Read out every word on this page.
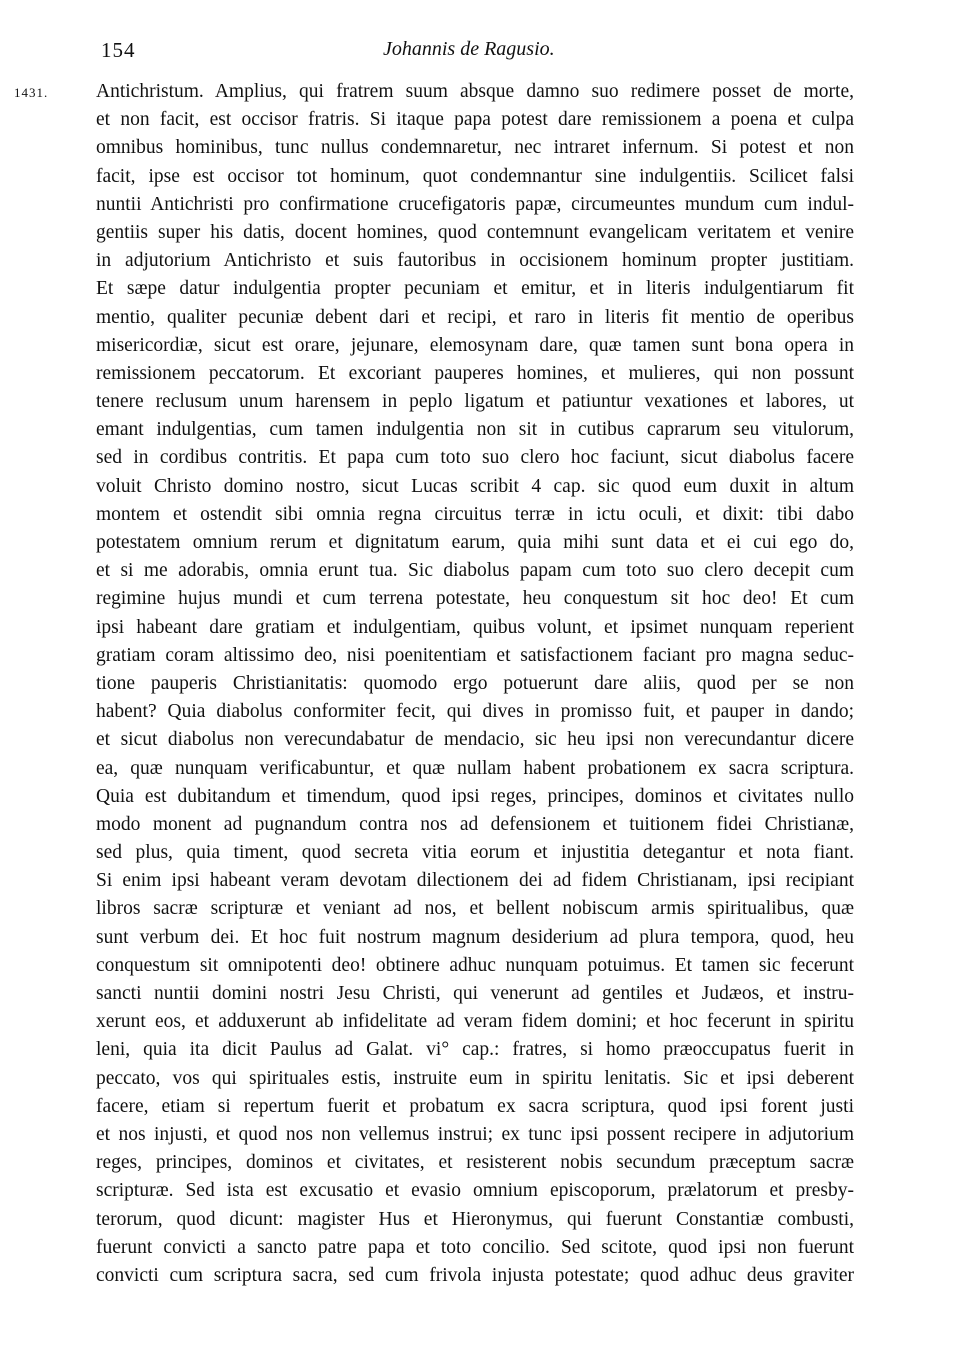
154	Johannis de Ragusio.
1431. Antichristum. Amplius, qui fratrem suum absque damno suo redimere posset de morte,
et non facit, est occisor fratris. Si itaque papa potest dare remissionem a poena et culpa
omnibus hominibus, tunc nullus condemnaretur, nec intraret infernum. Si potest et non
facit, ipse est occisor tot hominum, quot condemnantur sine indulgentiis. Scilicet falsi
nuntii Antichristi pro confirmatione crucefigatoris papæ, circumeuntes mundum cum indul-
gentiis super his datis, docent homines, quod contemnunt evangelicam veritatem et venire
in adjutorium Antichristo et suis fautoribus in occisionem hominum propter justitiam.
Et sæpe datur indulgentia propter pecuniam et emitur, et in literis indulgentiarum fit
mentio, qualiter pecuniæ debent dari et recipi, et raro in literis fit mentio de operibus
misericordiæ, sicut est orare, jejunare, elemosynam dare, quæ tamen sunt bona opera in
remissionem peccatorum. Et excoriant pauperes homines, et mulieres, qui non possunt
tenere reclusum unum harensem in peplo ligatum et patiuntur vexationes et labores, ut
emant indulgentias, cum tamen indulgentia non sit in cutibus caprarum seu vitulorum,
sed in cordibus contritis. Et papa cum toto suo clero hoc faciunt, sicut diabolus facere
voluit Christo domino nostro, sicut Lucas scribit 4 cap. sic quod eum duxit in altum
montem et ostendit sibi omnia regna circuitus terræ in ictu oculi, et dixit: tibi dabo
potestatem omnium rerum et dignitatum earum, quia mihi sunt data et ei cui ego do,
et si me adorabis, omnia erunt tua. Sic diabolus papam cum toto suo clero decepit cum
regimine hujus mundi et cum terrena potestate, heu conquestum sit hoc deo! Et cum
ipsi habeant dare gratiam et indulgentiam, quibus volunt, et ipsimet nunquam reperient
gratiam coram altissimo deo, nisi poenitentiam et satisfactionem faciant pro magna seduc-
tione pauperis Christianitatis: quomodo ergo potuerunt dare aliis, quod per se non
habent? Quia diabolus conformiter fecit, qui dives in promisso fuit, et pauper in dando;
et sicut diabolus non verecundabatur de mendacio, sic heu ipsi non verecundantur dicere
ea, quæ nunquam verificabuntur, et quæ nullam habent probationem ex sacra scriptura.
Quia est dubitandum et timendum, quod ipsi reges, principes, dominos et civitates nullo
modo monent ad pugnandum contra nos ad defensionem et tuitionem fidei Christianæ,
sed plus, quia timent, quod secreta vitia eorum et injustitia detegantur et nota fiant.
Si enim ipsi habeant veram devotam dilectionem dei ad fidem Christianam, ipsi recipiant
libros sacræ scripturæ et veniant ad nos, et bellent nobiscum armis spiritualibus, quæ
sunt verbum dei. Et hoc fuit nostrum magnum desiderium ad plura tempora, quod, heu
conquestum sit omnipotenti deo! obtinere adhuc nunquam potuimus. Et tamen sic fecerunt
sancti nuntii domini nostri Jesu Christi, qui venerunt ad gentiles et Judæos, et instru-
xerunt eos, et adduxerunt ab infidelitate ad veram fidem domini; et hoc fecerunt in spiritu
leni, quia ita dicit Paulus ad Galat. vi° cap.: fratres, si homo præoccupatus fuerit in
peccato, vos qui spirituales estis, instruite eum in spiritu lenitatis. Sic et ipsi deberent
facere, etiam si repertum fuerit et probatum ex sacra scriptura, quod ipsi forent justi
et nos injusti, et quod nos non vellemus instrui; ex tunc ipsi possent recipere in adjutorium
reges, principes, dominos et civitates, et resisterent nobis secundum præceptum sacræ
scripturæ. Sed ista est excusatio et evasio omnium episcoporum, prælatorum et presby-
terorum, quod dicunt: magister Hus et Hieronymus, qui fuerunt Constantiæ combusti,
fuerunt convicti a sancto patre papa et toto concilio. Sed scitote, quod ipsi non fuerunt
convicti cum scriptura sacra, sed cum frivola injusta potestate; quod adhuc deus graviter
